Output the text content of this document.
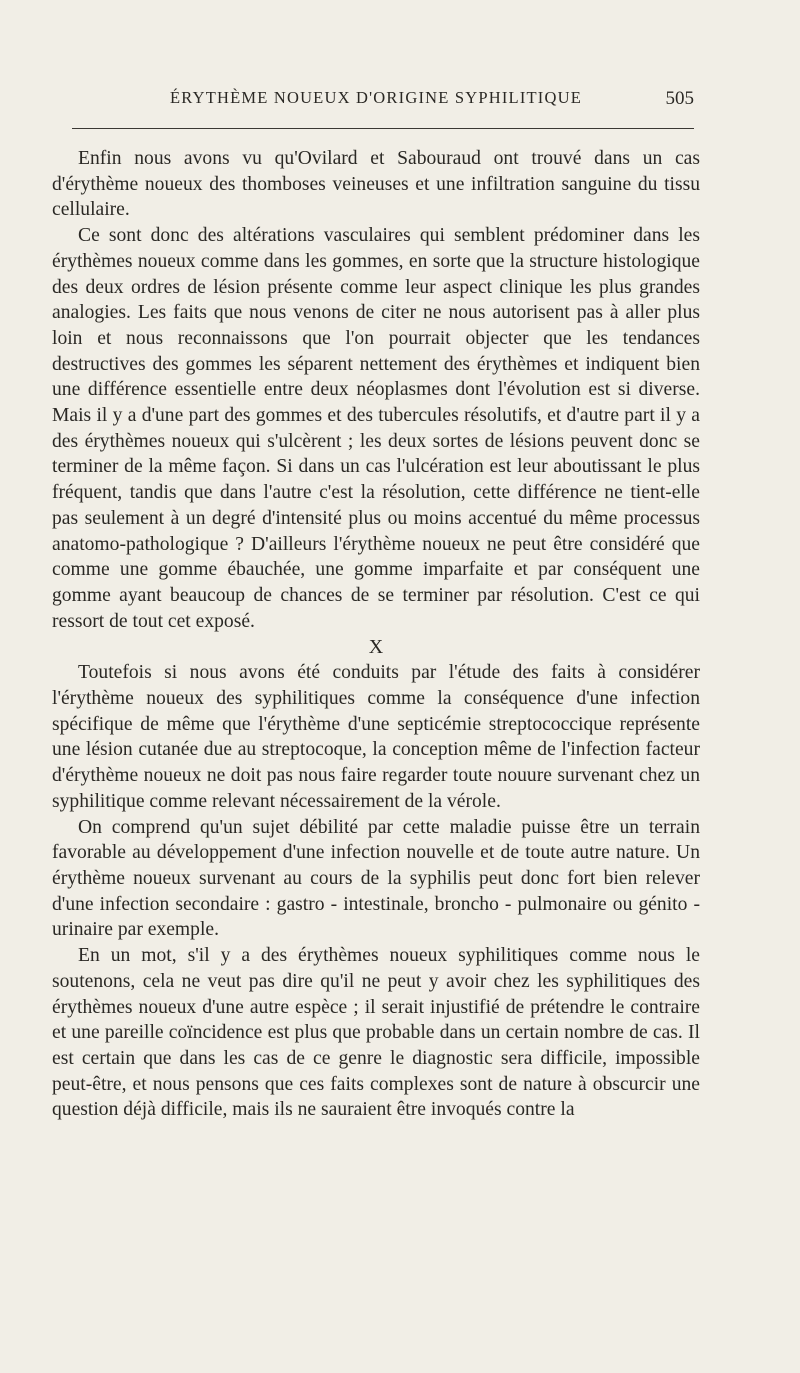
ÉRYTHÈME NOUEUX D'ORIGINE SYPHILITIQUE	505

Enfin nous avons vu qu'Ovilard et Sabouraud ont trouvé dans un cas d'érythème noueux des thomboses veineuses et une infiltration sanguine du tissu cellulaire.

Ce sont donc des altérations vasculaires qui semblent prédominer dans les érythèmes noueux comme dans les gommes, en sorte que la structure histologique des deux ordres de lésion présente comme leur aspect clinique les plus grandes analogies. Les faits que nous venons de citer ne nous autorisent pas à aller plus loin et nous reconnaissons que l'on pourrait objecter que les tendances destructives des gommes les séparent nettement des érythèmes et indiquent bien une différence essentielle entre deux néoplasmes dont l'évolution est si diverse. Mais il y a d'une part des gommes et des tubercules résolutifs, et d'autre part il y a des érythèmes noueux qui s'ulcèrent ; les deux sortes de lésions peuvent donc se terminer de la même façon. Si dans un cas l'ulcération est leur aboutissant le plus fréquent, tandis que dans l'autre c'est la résolution, cette différence ne tient-elle pas seulement à un degré d'intensité plus ou moins accentué du même processus anatomo-pathologique ? D'ailleurs l'érythème noueux ne peut être considéré que comme une gomme ébauchée, une gomme imparfaite et par conséquent une gomme ayant beaucoup de chances de se terminer par résolution. C'est ce qui ressort de tout cet exposé.

X

Toutefois si nous avons été conduits par l'étude des faits à considérer l'érythème noueux des syphilitiques comme la conséquence d'une infection spécifique de même que l'érythème d'une septicémie streptococcique représente une lésion cutanée due au streptocoque, la conception même de l'infection facteur d'érythème noueux ne doit pas nous faire regarder toute nouure survenant chez un syphilitique comme relevant nécessairement de la vérole.

On comprend qu'un sujet débilité par cette maladie puisse être un terrain favorable au développement d'une infection nouvelle et de toute autre nature. Un érythème noueux survenant au cours de la syphilis peut donc fort bien relever d'une infection secondaire : gastro - intestinale, broncho - pulmonaire ou génito - urinaire par exemple.

En un mot, s'il y a des érythèmes noueux syphilitiques comme nous le soutenons, cela ne veut pas dire qu'il ne peut y avoir chez les syphilitiques des érythèmes noueux d'une autre espèce ; il serait injustifié de prétendre le contraire et une pareille coïncidence est plus que probable dans un certain nombre de cas. Il est certain que dans les cas de ce genre le diagnostic sera difficile, impossible peut-être, et nous pensons que ces faits complexes sont de nature à obscurcir une question déjà difficile, mais ils ne sauraient être invoqués contre la
